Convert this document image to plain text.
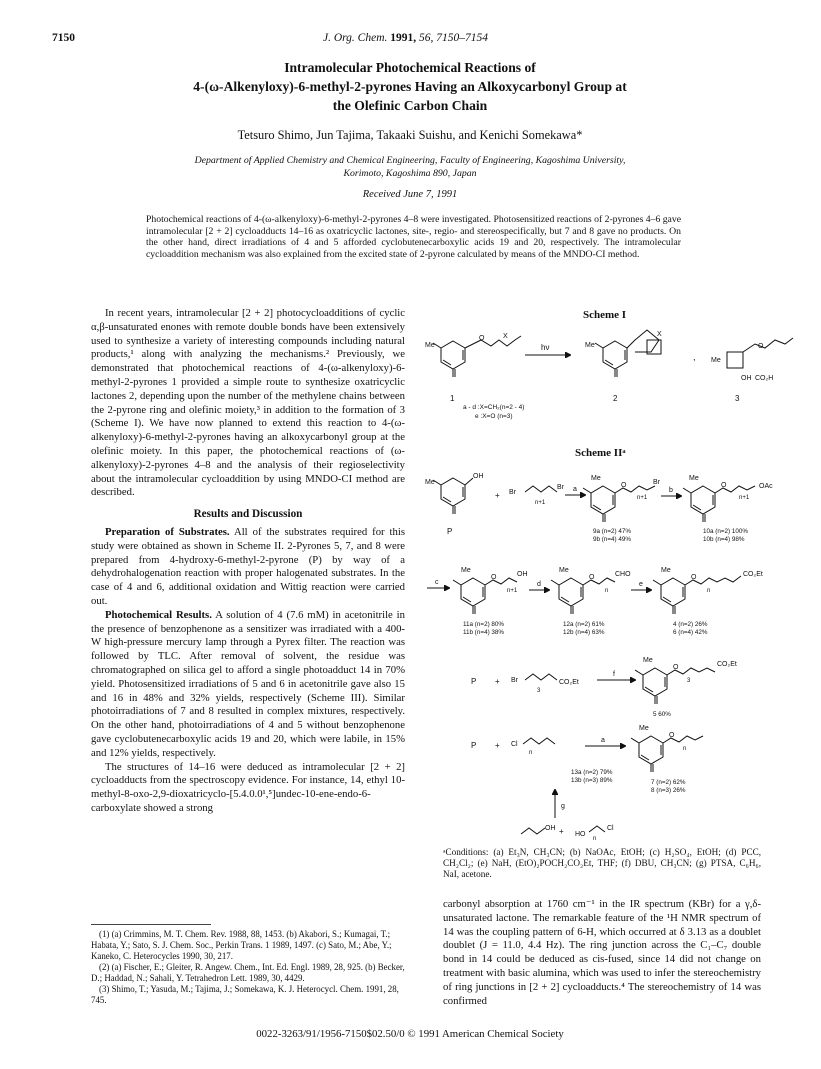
7150	J. Org. Chem. 1991, 56, 7150–7154
Intramolecular Photochemical Reactions of
4-(ω-Alkenyloxy)-6-methyl-2-pyrones Having an Alkoxycarbonyl Group at
the Olefinic Carbon Chain
Tetsuro Shimo, Jun Tajima, Takaaki Suishu, and Kenichi Somekawa*
Department of Applied Chemistry and Chemical Engineering, Faculty of Engineering, Kagoshima University,
Korimoto, Kagoshima 890, Japan
Received June 7, 1991
Photochemical reactions of 4-(ω-alkenyloxy)-6-methyl-2-pyrones 4–8 were investigated. Photosensitized reactions of 2-pyrones 4–6 gave intramolecular [2 + 2] cycloadducts 14–16 as oxatricyclic lactones, site-, regio- and stereospecifically, but 7 and 8 gave no products. On the other hand, direct irradiations of 4 and 5 afforded cyclobutenecarboxylic acids 19 and 20, respectively. The intramolecular cycloaddition mechanism was also explained from the excited state of 2-pyrone calculated by means of the MNDO-CI method.

In recent years, intramolecular [2 + 2] photocycloadditions of cyclic α,β-unsaturated enones with remote double bonds have been extensively used to synthesize a variety of interesting compounds including natural products,¹ along with analyzing the mechanisms.² Previously, we demonstrated that photochemical reactions of 4-(ω-alkenyloxy)-6-methyl-2-pyrones 1 provided a simple route to synthesize oxatricyclic lactones 2, depending upon the number of the methylene chains between the 2-pyrone ring and olefinic moiety,³ in addition to the formation of 3 (Scheme I). We have now planned to extend this reaction to 4-(ω-alkenyloxy)-6-methyl-2-pyrones having an alkoxycarbonyl group at the olefinic moiety. In this paper, the photochemical reactions of (ω-alkenyloxy)-2-pyrones 4–8 and the analysis of their regioselectivity about the intramolecular cycloaddition by using MNDO-CI method are described.

Results and Discussion

Preparation of Substrates. All of the substrates required for this study were obtained as shown in Scheme II. 2-Pyrones 5, 7, and 8 were prepared from 4-hydroxy-6-methyl-2-pyrone (P) by way of a dehydrohalogenation reaction with proper halogenated substrates. In the case of 4 and 6, additional oxidation and Wittig reaction were carried out.

Photochemical Results. A solution of 4 (7.6 mM) in acetonitrile in the presence of benzophenone as a sensitizer was irradiated with a 400-W high-pressure mercury lamp through a Pyrex filter. The reaction was followed by TLC. After removal of solvent, the residue was chromatographed on silica gel to afford a single photoadduct 14 in 70% yield. Photosensitized irradiations of 5 and 6 in acetonitrile gave also 15 and 16 in 48% and 32% yields, respectively (Scheme III). Similar photoirradiations of 7 and 8 resulted in complex mixtures, respectively. On the other hand, photoirradiations of 4 and 5 without benzophenone gave cyclobutenecarboxylic acids 19 and 20, which were labile, in 15% and 12% yields, respectively.

The structures of 14–16 were deduced as intramolecular [2 + 2] cycloadducts from the spectroscopy evidence. For instance, 14, ethyl 10-methyl-8-oxo-2,9-dioxatricyclo-[5.4.0.0¹,⁵]undec-10-ene-endo-6-carboxylate showed a strong

(1) (a) Crimmins, M. T. Chem. Rev. 1988, 88, 1453. (b) Akabori, S.; Kumagai, T.; Habata, Y.; Sato, S. J. Chem. Soc., Perkin Trans. 1 1989, 1497. (c) Sato, M.; Abe, Y.; Kaneko, C. Heterocycles 1990, 30, 217.

(2) (a) Fischer, E.; Gleiter, R. Angew. Chem., Int. Ed. Engl. 1989, 28, 925. (b) Becker, D.; Haddad, N.; Sahali, Y. Tetrahedron Lett. 1989, 30, 4429.

(3) Shimo, T.; Yasuda, M.; Tajima, J.; Somekawa, K. J. Heterocycl. Chem. 1991, 28, 745.

Scheme I
Me
O	X
hν	Me
X
Me
OH CO₂H
O
,
1	2	3
a - d :X=CH₂(n=2 - 4)
e :X=O (n=3)
Scheme IIᵃ
Me
OH
P
+ Br
Br
n+1
a
Me
O	Br
n+1
b
Me
O	OAc
n+1
9a (n=2) 47%
9b (n=4) 49%
10a (n=2) 100%
10b (n=4) 98%
c
Me
O	OH
n+1
d
Me
O	CHO
n
e
Me
O	CO₂Et
n
11a (n=2) 80%
11b (n=4) 38%
12a (n=2) 61%
12b (n=4) 63%
4 (n=2) 26%
6 (n=4) 42%
P + Br	CO₂Et
3
f
Me
O	CO₂Et
3
5 60%
P + Cl
n
a
Me
O
n
13a (n=2) 79%
13b (n=3) 89%	7 (n=2) 62%
8 (n=3) 26%
g
OH + HO
Cl
n
ᵃConditions: (a) Et₃N, CH₃CN; (b) NaOAc, EtOH; (c) H₂SO₄, EtOH; (d) PCC, CH₂Cl₂; (e) NaH, (EtO)₂POCH₂CO₂Et, THF; (f) DBU, CH₃CN; (g) PTSA, C₆H₆, NaI, acetone.
carbonyl absorption at 1760 cm⁻¹ in the IR spectrum (KBr) for a γ,δ-unsaturated lactone. The remarkable feature of the ¹H NMR spectrum of 14 was the coupling pattern of 6-H, which occurred at δ 3.13 as a doublet doublet (J = 11.0, 4.4 Hz). The ring junction across the C₁–C₇ double bond in 14 could be deduced as cis-fused, since 14 did not change on treatment with basic alumina, which was used to infer the stereochemistry of ring junctions in [2 + 2] cycloadducts.⁴ The stereochemistry of 14 was confirmed
0022-3263/91/1956-7150$02.50/0 © 1991 American Chemical Society
